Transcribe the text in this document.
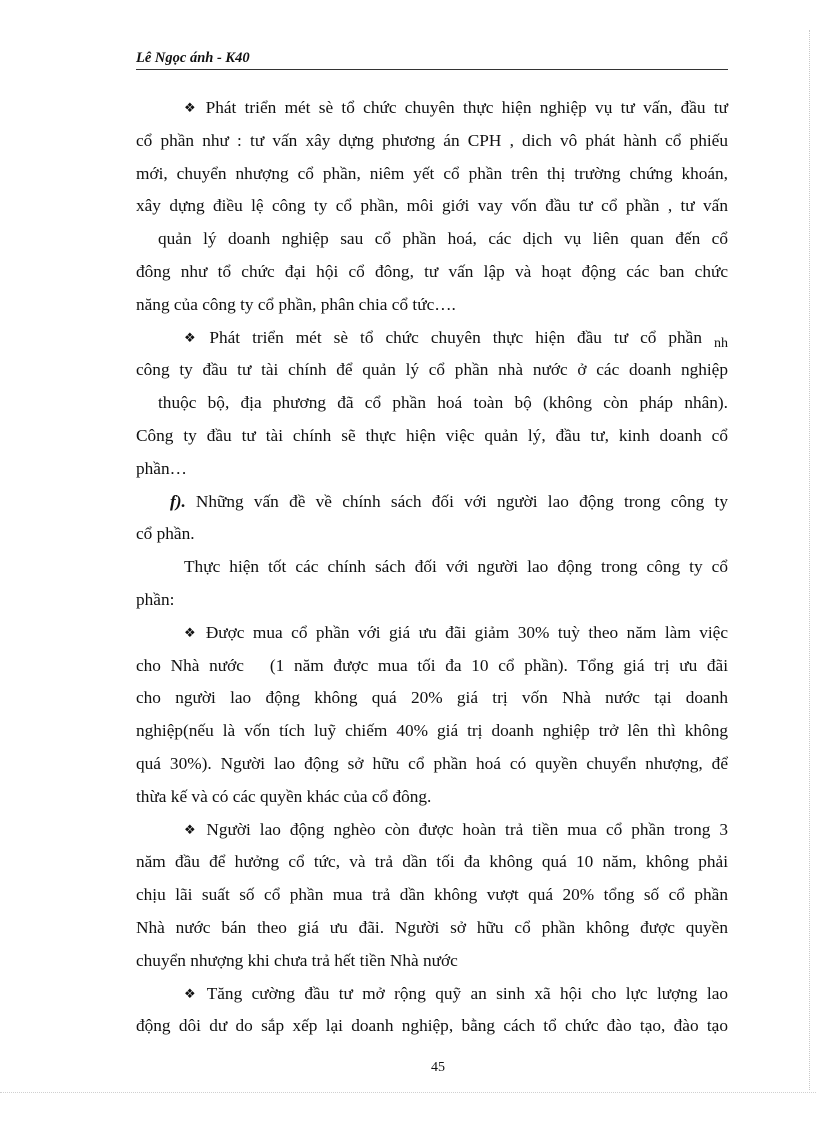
Lê Ngọc ánh - K40
❖ Phát triển mét sè tổ chức chuyên thực hiện nghiệp vụ tư vấn, đầu tư
cổ phần như : tư vấn xây dựng phương án CPH , dich vô phát hành cổ phiếu
mới, chuyển nhượng cổ phần, niêm yết cổ phần trên thị trường chứng khoán,
xây dựng điều lệ công ty cổ phần, môi giới vay vốn đầu tư cổ phần , tư vấn
quản lý doanh nghiệp sau cổ phần hoá, các dịch vụ liên quan đến cổ
đông như tổ chức đại hội cổ đông, tư vấn lập và hoạt động các ban chức
năng của công ty cổ phần, phân chia cổ tức….
❖ Phát triển mét sè tổ chức chuyên thực hiện đầu tư cổ phần $_{nh}$
công ty đầu tư tài chính để quản lý cổ phần nhà nước ở các doanh nghiệp
thuộc bộ, địa phương đã cổ phần hoá toàn bộ (không còn pháp nhân).
Công ty đầu tư tài chính sẽ thực hiện việc quản lý, đầu tư, kinh doanh cổ
phần…
f). Những vấn đề về chính sách đối với người lao động trong công ty
cổ phần.
Thực hiện tốt các chính sách đối với người lao động trong công ty cổ
phần:
❖ Được mua cổ phần với giá ưu đãi giảm 30% tuỳ theo năm làm việc
cho Nhà nước (1 năm được mua tối đa 10 cổ phần). Tổng giá trị ưu đãi
cho người lao động không quá 20% giá trị vốn Nhà nước tại doanh
nghiệp(nếu là vốn tích luỹ chiếm 40% giá trị doanh nghiệp trở lên thì không
quá 30%). Người lao động sở hữu cổ phần hoá có quyền chuyển nhượng, để
thừa kế và có các quyền khác của cổ đông.
❖ Người lao động nghèo còn được hoàn trả tiền mua cổ phần trong 3
năm đầu để hưởng cổ tức, và trả dần tối đa không quá 10 năm, không phải
chịu lãi suất số cổ phần mua trả dần không vượt quá 20% tổng số cổ phần
Nhà nước bán theo giá ưu đãi. Người sở hữu cổ phần không được quyền
chuyển nhượng khi chưa trả hết tiền Nhà nước
❖ Tăng cường đầu tư mở rộng quỹ an sinh xã hội cho lực lượng lao
động dôi dư do sắp xếp lại doanh nghiệp, bằng cách tổ chức đào tạo, đào tạo
45
